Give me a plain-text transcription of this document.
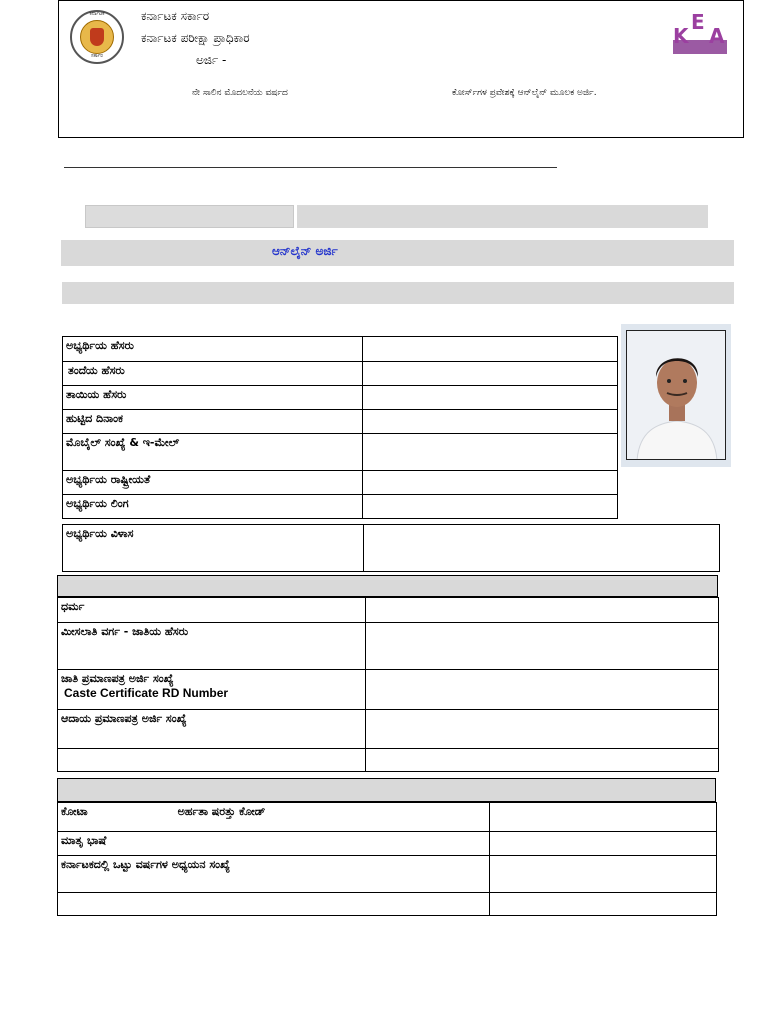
ಕರ್ನಾಟಕ
ಸರ್ಕಾರ
ಕರ್ನಾಟಕ ಸರ್ಕಾರ
ಕರ್ನಾಟಕ ಪರೀಕ್ಷಾ ಪ್ರಾಧಿಕಾರ
ಅರ್ಜಿ -
ನೇ ಸಾಲಿನ ಮೊದಲನೆಯ ವರ್ಷದ	ಕೋರ್ಸ್‌ಗಳ ಪ್ರವೇಶಕ್ಕೆ ಆನ್‌ಲೈನ್ ಮೂಲಕ ಅರ್ಜಿ.
K
E
A
ಆನ್‌ಲೈನ್ ಅರ್ಜಿ
ಅಭ್ಯರ್ಥಿಯ ಹೆಸರು	
ತಂದೆಯ ಹೆಸರು	
ತಾಯಿಯ ಹೆಸರು	
ಹುಟ್ಟಿದ ದಿನಾಂಕ	
ಮೊಬೈಲ್ ಸಂಖ್ಯೆ & ಇ-ಮೇಲ್	
ಅಭ್ಯರ್ಥಿಯ ರಾಷ್ಟ್ರೀಯತೆ	
ಅಭ್ಯರ್ಥಿಯ ಲಿಂಗ	
ಅಭ್ಯರ್ಥಿಯ ವಿಳಾಸ	
ಧರ್ಮ	
ಮೀಸಲಾತಿ ವರ್ಗ - ಜಾತಿಯ ಹೆಸರು	

ಜಾತಿ ಪ್ರಮಾಣಪತ್ರ ಅರ್ಜಿ ಸಂಖ್ಯೆ
Caste Certificate RD Number	

ಆದಾಯ ಪ್ರಮಾಣಪತ್ರ ಅರ್ಜಿ ಸಂಖ್ಯೆ	

ಕೋಟಾ ಅರ್ಹತಾ ಷರತ್ತು ಕೋಡ್	
ಮಾತೃ ಭಾಷೆ	
ಕರ್ನಾಟಕದಲ್ಲಿ ಒಟ್ಟು ವರ್ಷಗಳ ಅಧ್ಯಯನ ಸಂಖ್ಯೆ	
